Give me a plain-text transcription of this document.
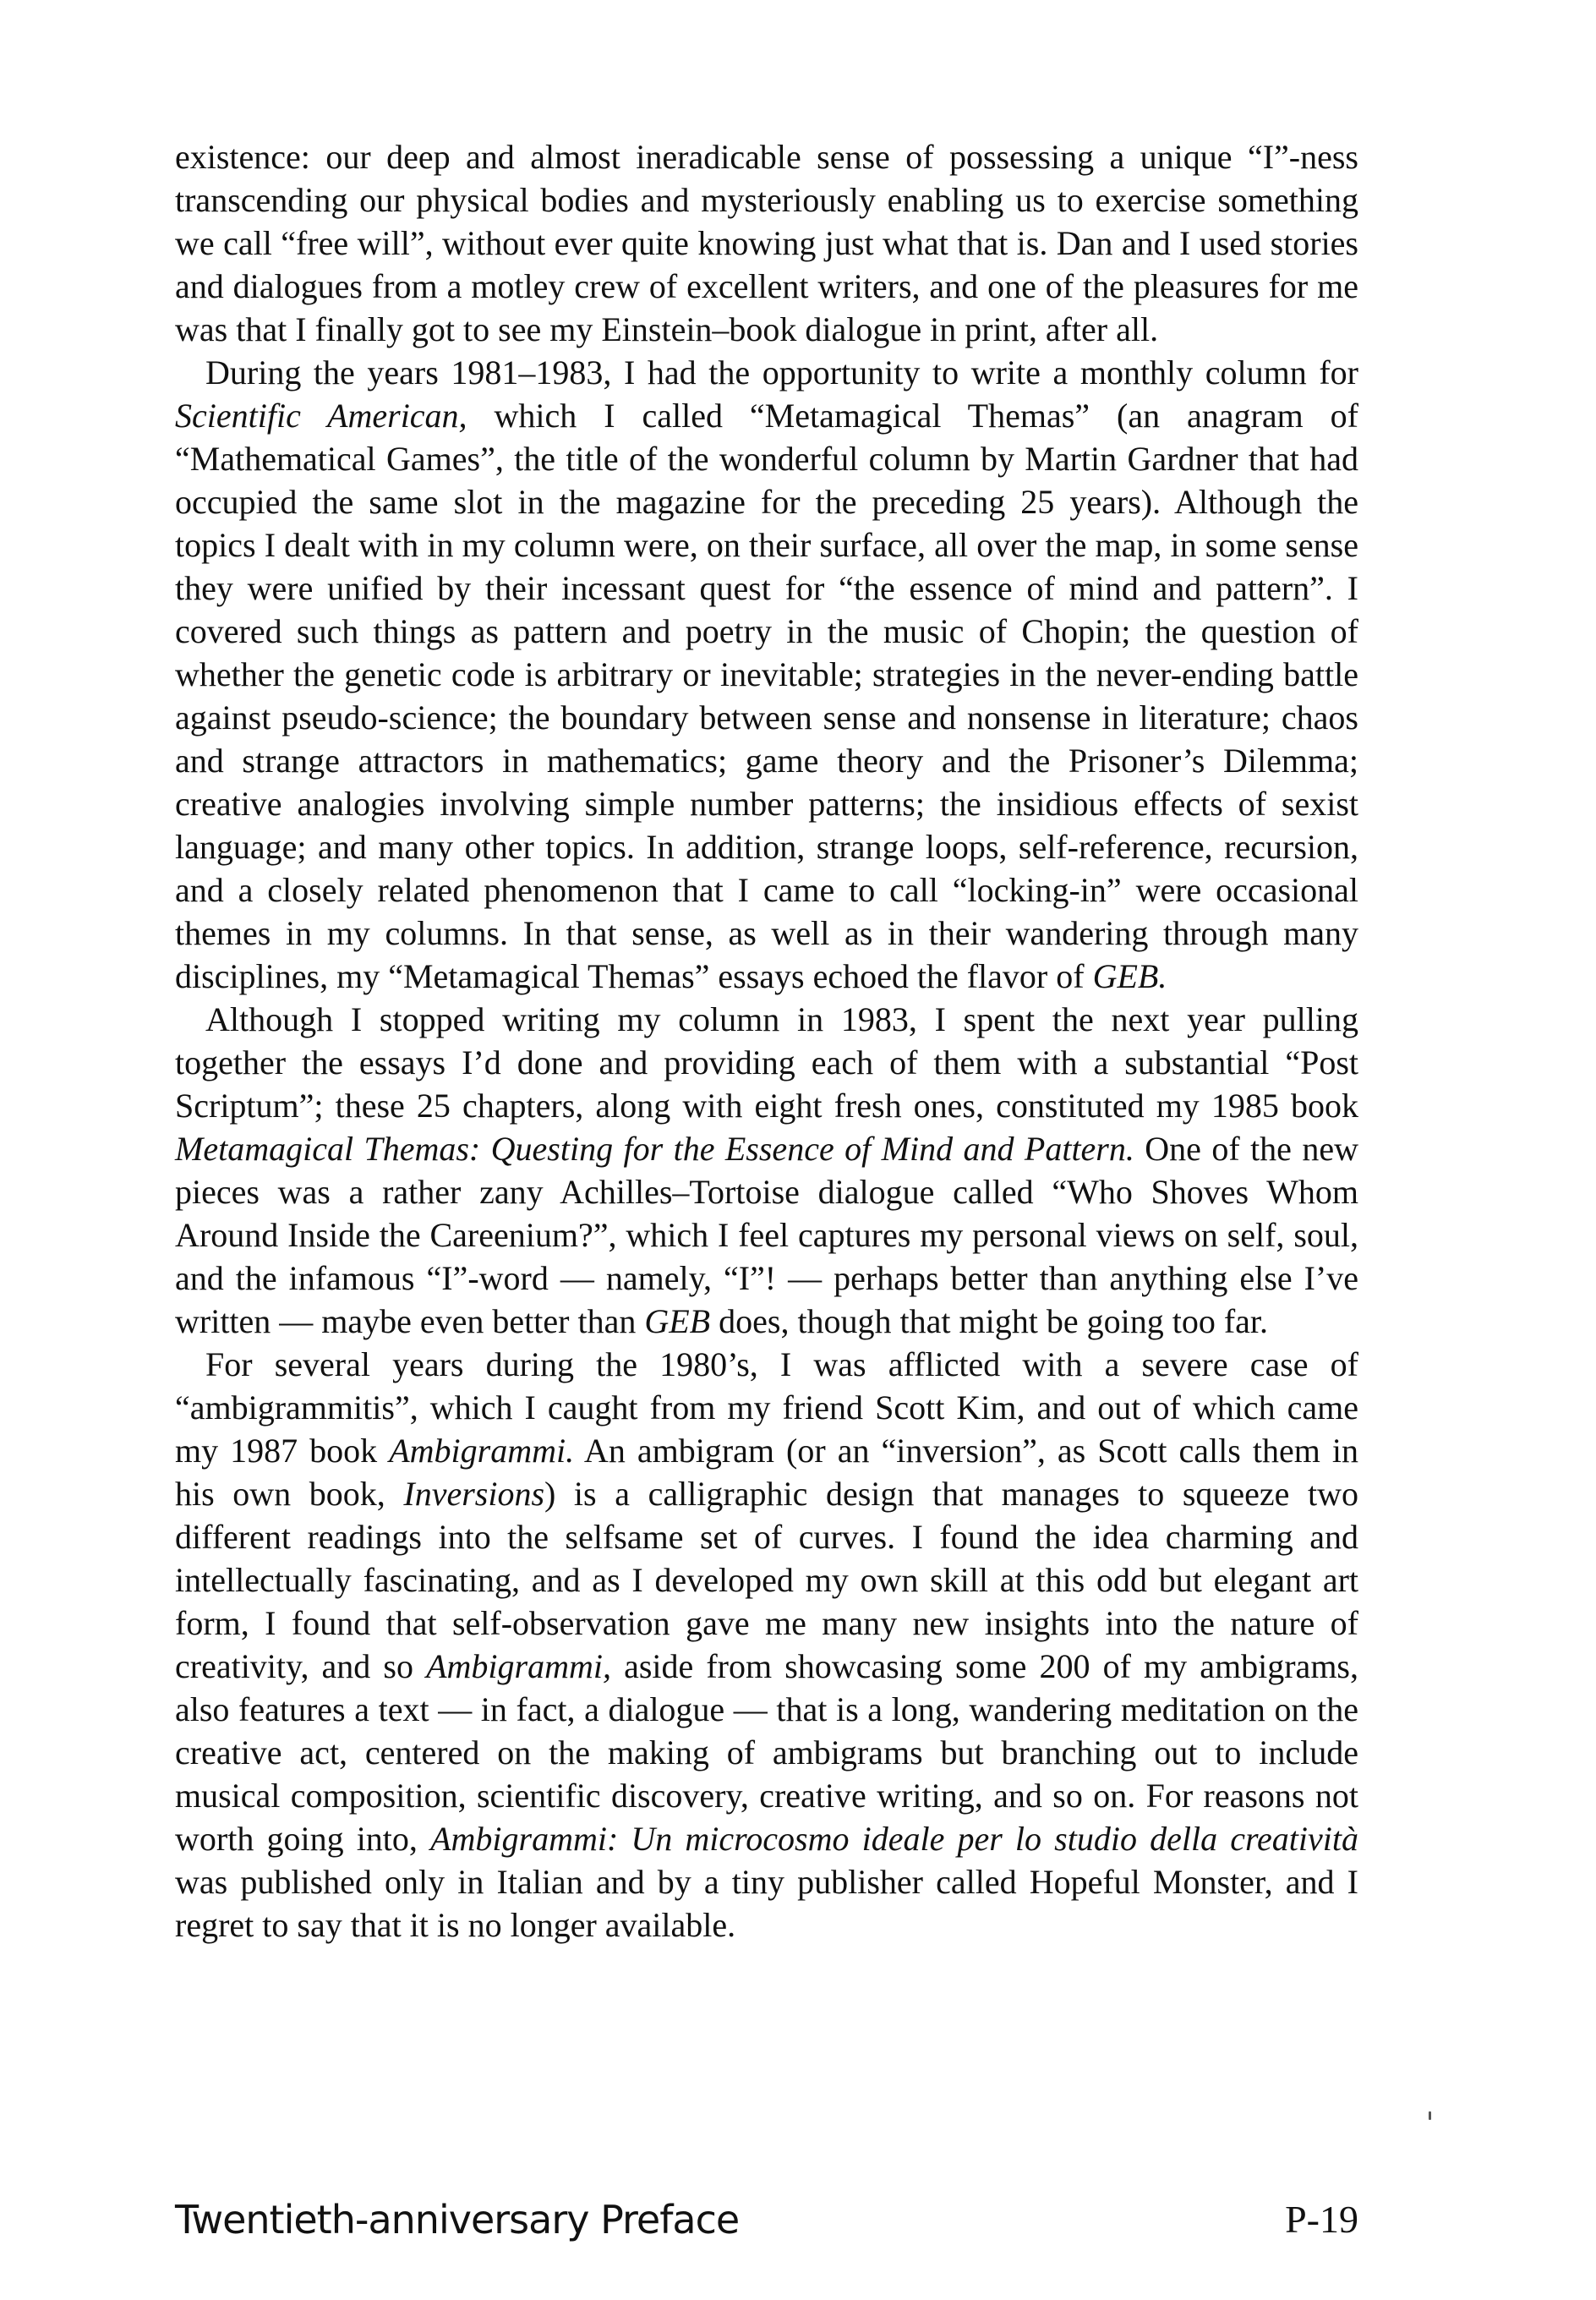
existence: our deep and almost ineradicable sense of possessing a unique “I”-ness transcending our physical bodies and mysteriously enabling us to exercise something we call “free will”, without ever quite knowing just what that is. Dan and I used stories and dialogues from a motley crew of excellent writers, and one of the pleasures for me was that I finally got to see my Einstein–book dialogue in print, after all.

During the years 1981–1983, I had the opportunity to write a monthly column for Scientific American, which I called “Metamagical Themas” (an anagram of “Mathematical Games”, the title of the wonderful column by Martin Gardner that had occupied the same slot in the magazine for the preceding 25 years). Although the topics I dealt with in my column were, on their surface, all over the map, in some sense they were unified by their incessant quest for “the essence of mind and pattern”. I covered such things as pattern and poetry in the music of Chopin; the question of whether the genetic code is arbitrary or inevitable; strategies in the never-ending battle against pseudo-science; the boundary between sense and nonsense in literature; chaos and strange attractors in mathematics; game theory and the Prisoner’s Dilemma; creative analogies involving simple number patterns; the insidious effects of sexist language; and many other topics. In addition, strange loops, self-reference, recursion, and a closely related phenomenon that I came to call “locking-in” were occasional themes in my columns. In that sense, as well as in their wandering through many disciplines, my “Metamagical Themas” essays echoed the flavor of GEB.

Although I stopped writing my column in 1983, I spent the next year pulling together the essays I’d done and providing each of them with a substantial “Post Scriptum”; these 25 chapters, along with eight fresh ones, constituted my 1985 book Metamagical Themas: Questing for the Essence of Mind and Pattern. One of the new pieces was a rather zany Achilles–Tortoise dialogue called “Who Shoves Whom Around Inside the Careenium?”, which I feel captures my personal views on self, soul, and the infamous “I”-word — namely, “I”! — perhaps better than anything else I’ve written — maybe even better than GEB does, though that might be going too far.

For several years during the 1980’s, I was afflicted with a severe case of “ambigrammitis”, which I caught from my friend Scott Kim, and out of which came my 1987 book Ambigrammi. An ambigram (or an “inversion”, as Scott calls them in his own book, Inversions) is a calligraphic design that manages to squeeze two different readings into the selfsame set of curves. I found the idea charming and intellectually fascinating, and as I developed my own skill at this odd but elegant art form, I found that self-observation gave me many new insights into the nature of creativity, and so Ambigrammi, aside from showcasing some 200 of my ambigrams, also features a text — in fact, a dialogue — that is a long, wandering meditation on the creative act, centered on the making of ambigrams but branching out to include musical composition, scientific discovery, creative writing, and so on. For reasons not worth going into, Ambigrammi: Un microcosmo ideale per lo studio della creatività was published only in Italian and by a tiny publisher called Hopeful Monster, and I regret to say that it is no longer available.

Twentieth-anniversary Preface	P-19
